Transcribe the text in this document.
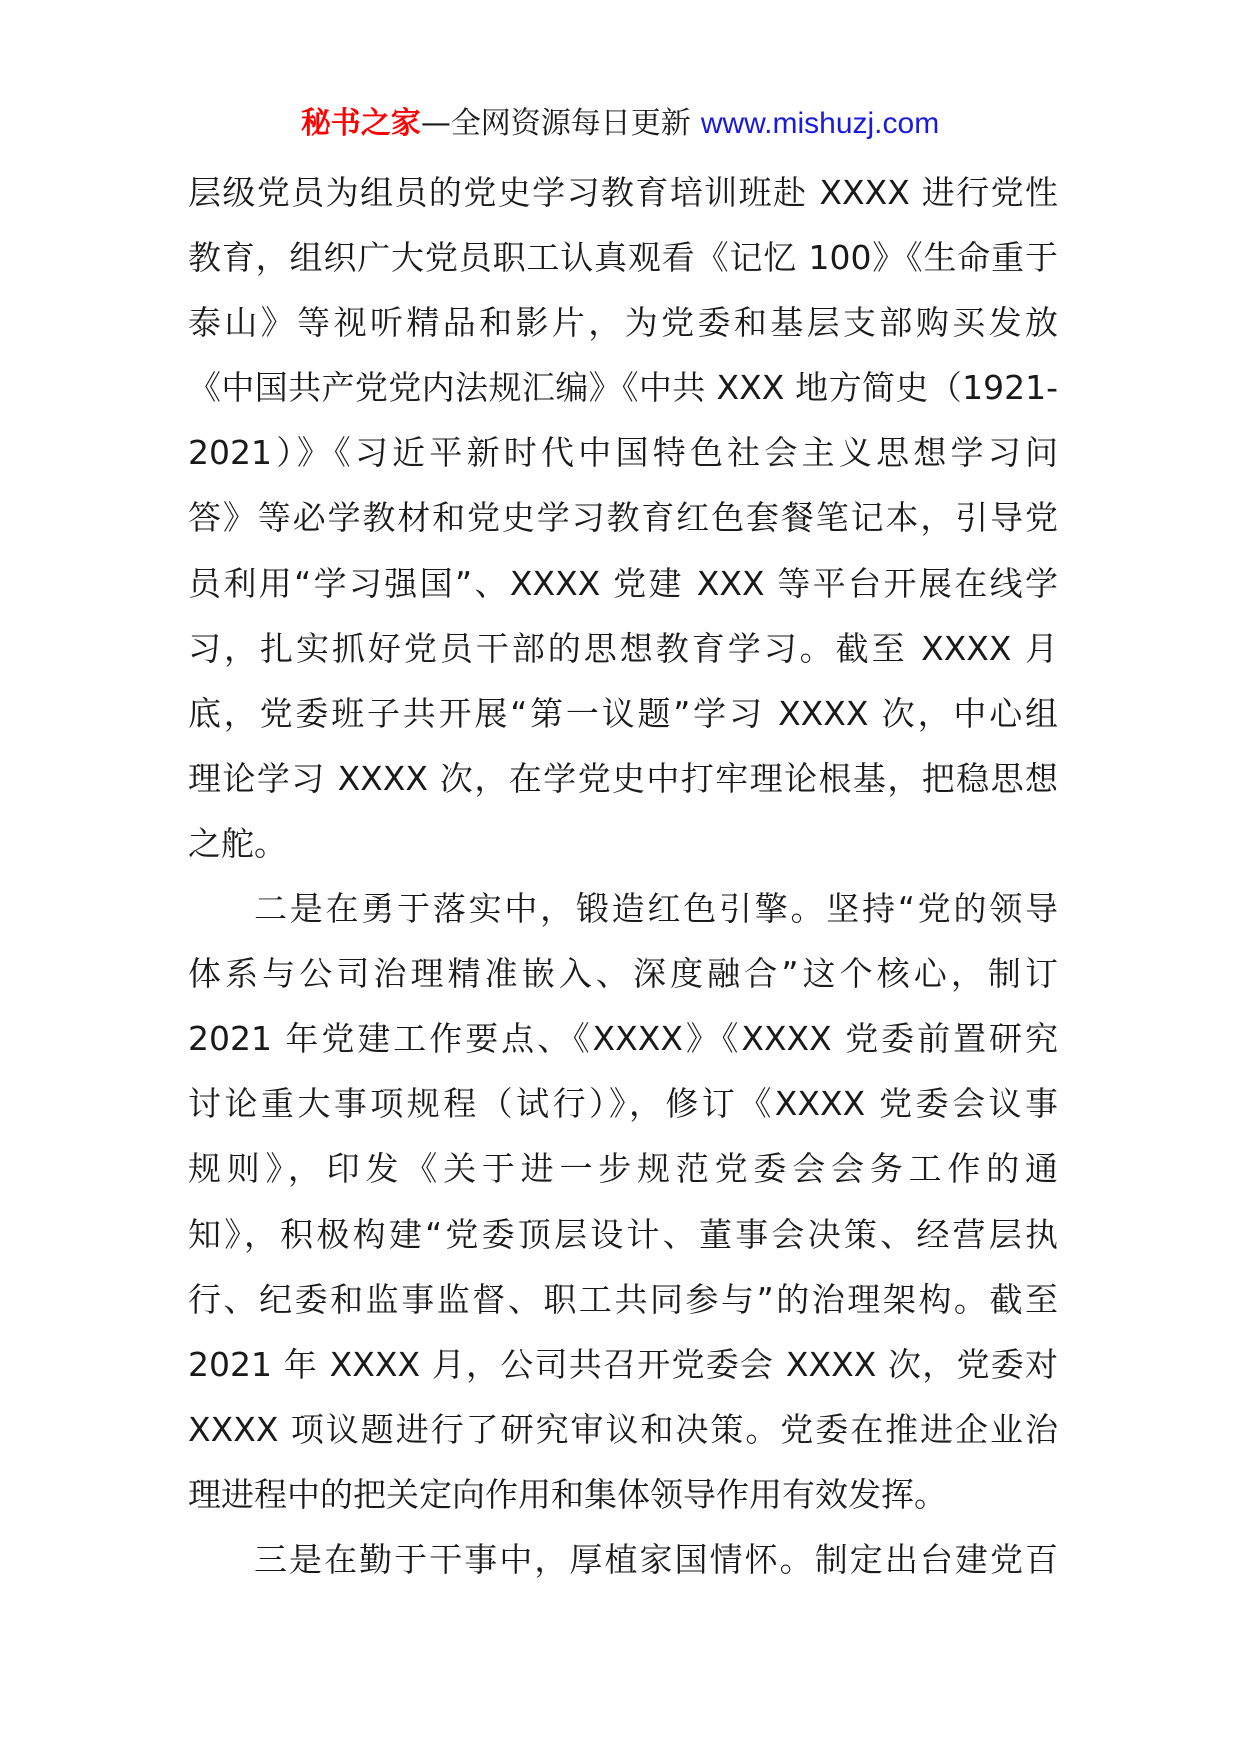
秘书之家—全网资源每日更新 www.mishuzj.com
层级党员为组员的党史学习教育培训班赴 XXXX 进行党性
教育，组织广大党员职工认真观看《记忆 100》《生命重于
泰山》等视听精品和影片，为党委和基层支部购买发放
《中国共产党党内法规汇编》《中共 XXX 地方简史（1921-
2021）》《习近平新时代中国特色社会主义思想学习问
答》等必学教材和党史学习教育红色套餐笔记本，引导党
员利用“学习强国”、XXXX 党建 XXX 等平台开展在线学
习，扎实抓好党员干部的思想教育学习。截至 XXXX 月
底，党委班子共开展“第一议题”学习 XXXX 次，中心组
理论学习 XXXX 次，在学党史中打牢理论根基，把稳思想
之舵。
二是在勇于落实中，锻造红色引擎。坚持“党的领导
体系与公司治理精准嵌入、深度融合”这个核心，制订
2021 年党建工作要点、《XXXX》《XXXX 党委前置研究
讨论重大事项规程（试行）》，修订《XXXX 党委会议事
规则》，印发《关于进一步规范党委会会务工作的通
知》，积极构建“党委顶层设计、董事会决策、经营层执
行、纪委和监事监督、职工共同参与”的治理架构。截至
2021 年 XXXX 月，公司共召开党委会 XXXX 次，党委对
XXXX 项议题进行了研究审议和决策。党委在推进企业治
理进程中的把关定向作用和集体领导作用有效发挥。
三是在勤于干事中，厚植家国情怀。制定出台建党百
